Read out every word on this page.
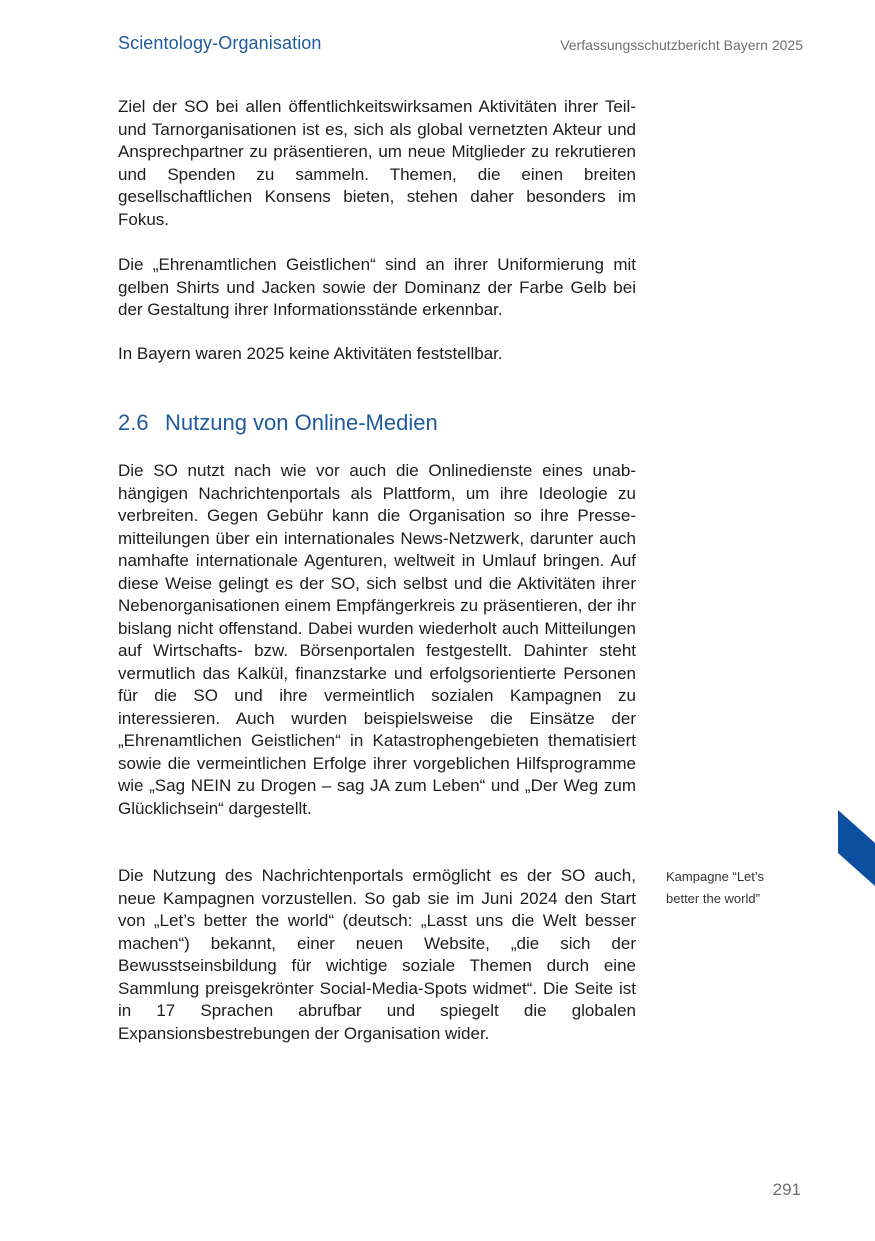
Scientology-Organisation	Verfassungsschutzbericht Bayern 2025

Ziel der SO bei allen öffentlichkeitswirksamen Aktivitäten ihrer Teil- und Tarnorganisationen ist es, sich als global vernetzten Akteur und Ansprechpartner zu präsentieren, um neue Mitglieder zu rekrutieren und Spenden zu sammeln. Themen, die einen breiten gesellschaftlichen Konsens bieten, stehen daher besonders im Fokus.

Die „Ehrenamtlichen Geistlichen“ sind an ihrer Uniformierung mit gelben Shirts und Jacken sowie der Dominanz der Farbe Gelb bei der Gestaltung ihrer Informationsstände erkennbar.

In Bayern waren 2025 keine Aktivitäten feststellbar.

2.6 Nutzung von Online-Medien

Die SO nutzt nach wie vor auch die Onlinedienste eines unabhängigen Nachrichtenportals als Plattform, um ihre Ideologie zu verbreiten. Gegen Gebühr kann die Organisation so ihre Pressemitteilungen über ein internationales News-Netzwerk, darunter auch namhafte internationale Agenturen, weltweit in Umlauf bringen. Auf diese Weise gelingt es der SO, sich selbst und die Aktivitäten ihrer Nebenorganisationen einem Empfängerkreis zu präsentieren, der ihr bislang nicht offenstand. Dabei wurden wiederholt auch Mitteilungen auf Wirtschafts- bzw. Börsenportalen festgestellt. Dahinter steht vermutlich das Kalkül, finanzstarke und erfolgsorientierte Personen für die SO und ihre vermeintlich sozialen Kampagnen zu interessieren. Auch wurden beispielsweise die Einsätze der „Ehrenamtlichen Geistlichen“ in Katastrophengebieten thematisiert sowie die vermeintlichen Erfolge ihrer vorgeblichen Hilfsprogramme wie „Sag NEIN zu Drogen – sag JA zum Leben“ und „Der Weg zum Glücklichsein“ dargestellt.

Die Nutzung des Nachrichtenportals ermöglicht es der SO auch, neue Kampagnen vorzustellen. So gab sie im Juni 2024 den Start von „Let’s better the world“ (deutsch: „Lasst uns die Welt besser machen“) bekannt, einer neuen Website, „die sich der Bewusstseinsbildung für wichtige soziale Themen durch eine Sammlung preisgekrönter Social-Media-Spots widmet“. Die Seite ist in 17 Sprachen abrufbar und spiegelt die globalen Expansionsbestrebungen der Organisation wider.

Kampagne “Let’s
better the world”
291
